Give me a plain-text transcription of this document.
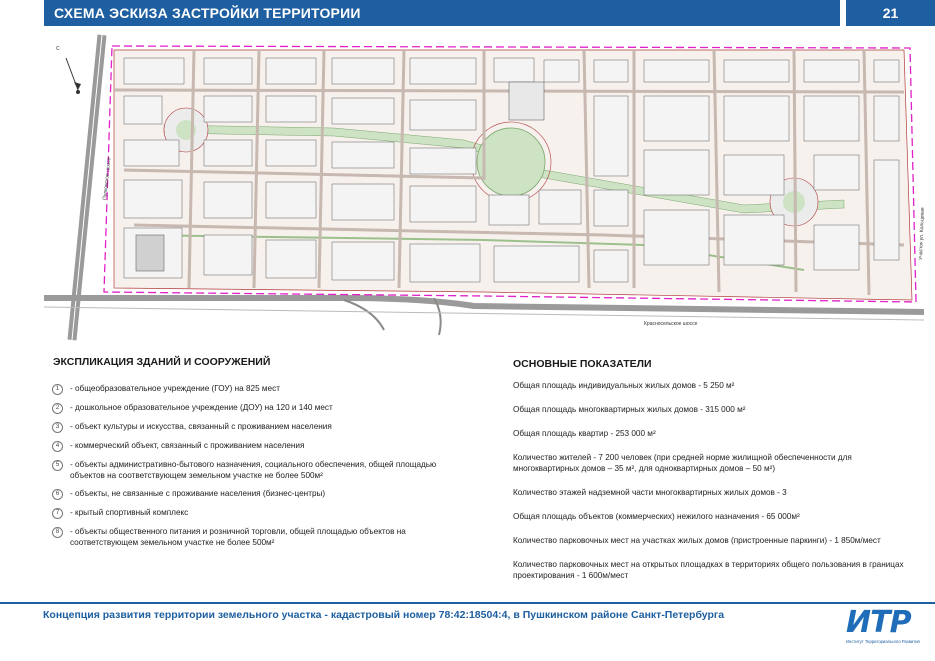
СХЕМА ЭСКИЗА ЗАСТРОЙКИ ТЕРРИТОРИИ	21
С
Пулковское шоссе
Красносельское шоссе
Участок ул. Кольцевая
ЭКСПЛИКАЦИЯ ЗДАНИЙ И СООРУЖЕНИЙ
1	- общеобразовательное учреждение (ГОУ) на 825 мест
2	- дошкольное образовательное учреждение (ДОУ) на 120 и 140 мест
3	- объект культуры и искусства, связанный с проживанием населения
4	- коммерческий объект, связанный с проживанием населения
5	- объекты административно-бытового назначения, социального обеспечения, общей площадью объектов на соответствующем земельном участке не более 500м²
6	- объекты, не связанные с проживание населения (бизнес-центры)
7	- крытый спортивный комплекс
8	- объекты общественного питания и розничной торговли, общей площадью объектов на соответствующем земельном участке не более 500м²
ОСНОВНЫЕ ПОКАЗАТЕЛИ
Общая площадь индивидуальных жилых домов - 5 250 м²
Общая площадь многоквартирных жилых домов - 315 000 м²
Общая площадь квартир - 253 000 м²
Количество жителей - 7 200 человек (при средней норме жилищной обеспеченности для многоквартирных домов – 35 м², для одноквартирных домов – 50 м²)
Количество этажей надземной части многоквартирных жилых домов - 3
Общая площадь объектов (коммерческих) нежилого назначения - 65 000м²
Количество парковочных мест на участках жилых домов (пристроенные паркинги) - 1 850м/мест
Количество парковочных мест на открытых площадках в территориях общего пользования в границах проектирования - 1 600м/мест
Концепция развития территории земельного участка - кадастровый номер 78:42:18504:4, в Пушкинском районе Санкт-Петербурга	ИТР
Институт Территориального Развития
